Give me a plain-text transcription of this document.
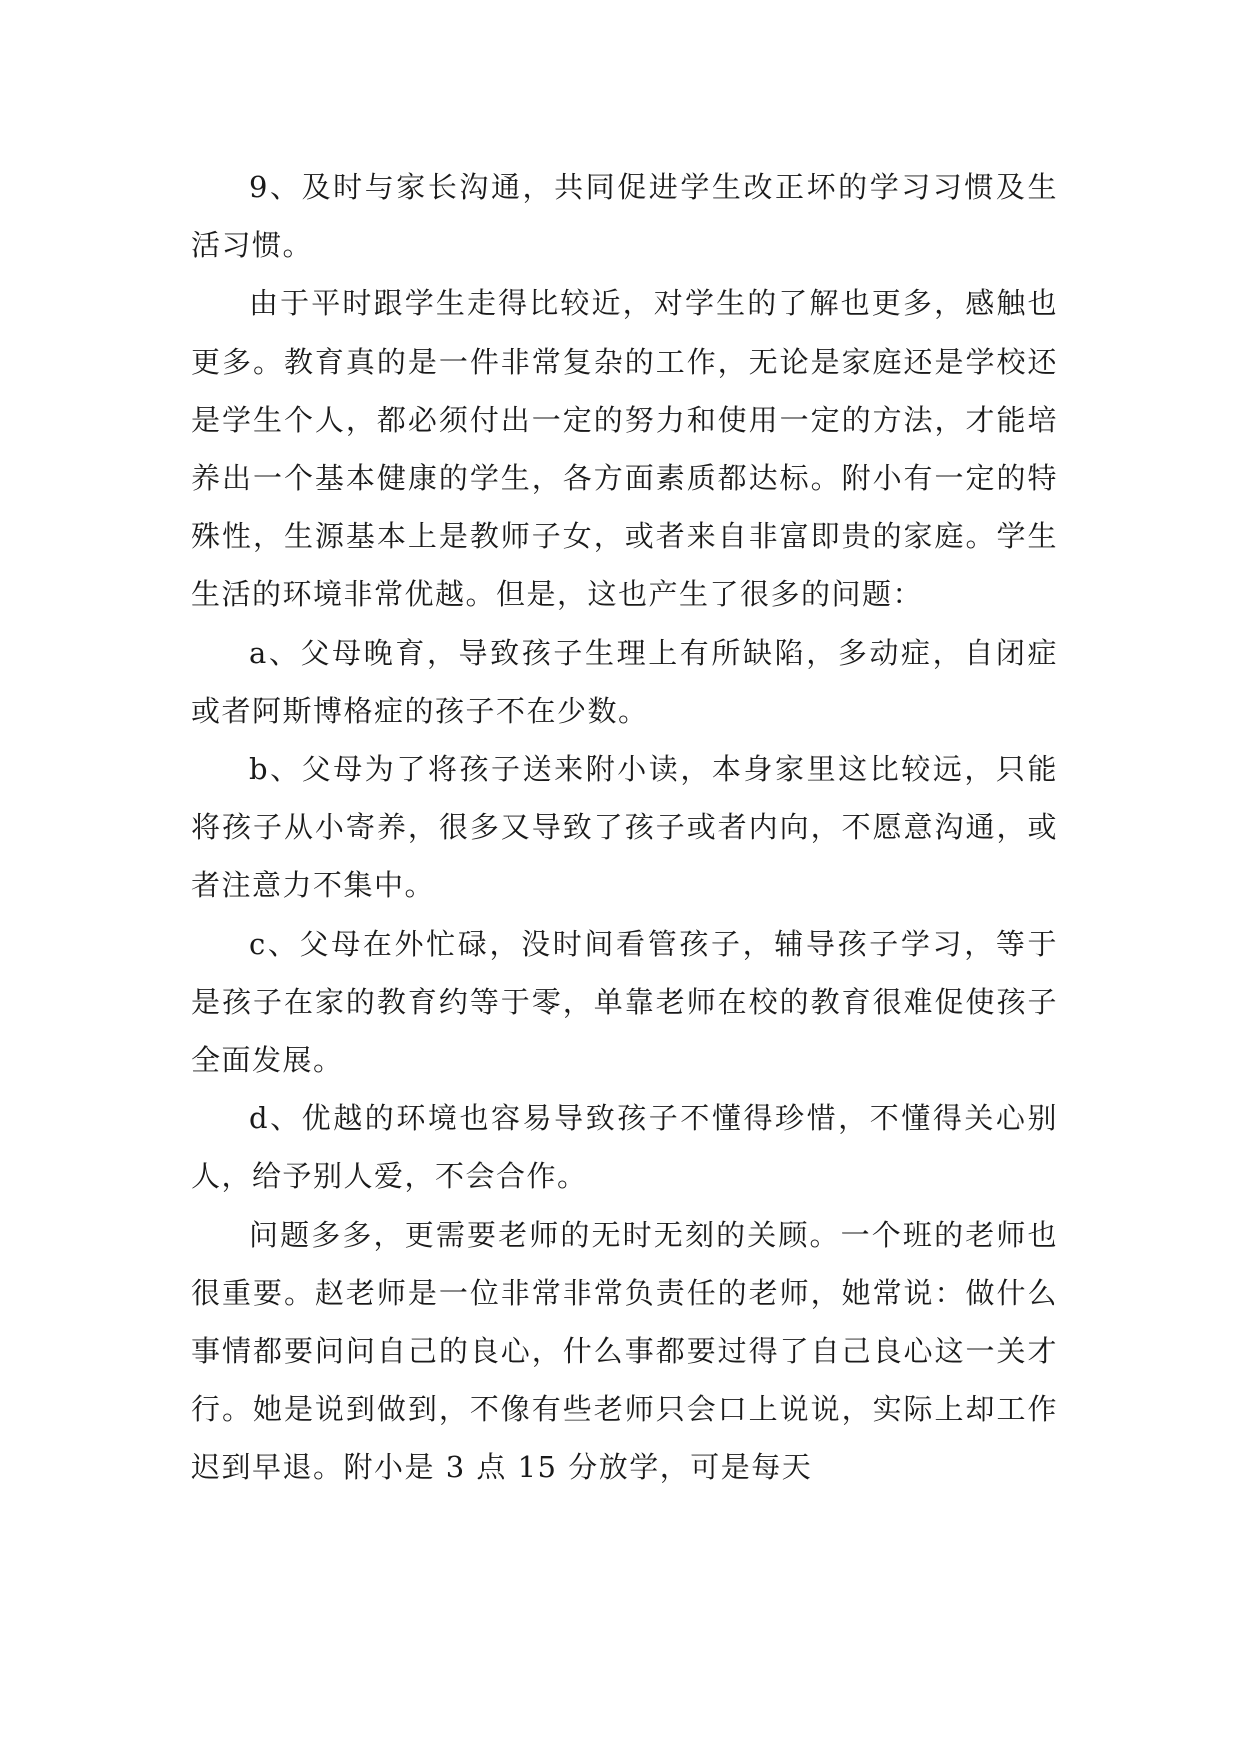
9、及时与家长沟通，共同促进学生改正坏的学习习惯及生活习惯。

由于平时跟学生走得比较近，对学生的了解也更多，感触也更多。教育真的是一件非常复杂的工作，无论是家庭还是学校还是学生个人，都必须付出一定的努力和使用一定的方法，才能培养出一个基本健康的学生，各方面素质都达标。附小有一定的特殊性，生源基本上是教师子女，或者来自非富即贵的家庭。学生生活的环境非常优越。但是，这也产生了很多的问题：

a、父母晚育，导致孩子生理上有所缺陷，多动症，自闭症或者阿斯博格症的孩子不在少数。

b、父母为了将孩子送来附小读，本身家里这比较远，只能将孩子从小寄养，很多又导致了孩子或者内向，不愿意沟通，或者注意力不集中。

c、父母在外忙碌，没时间看管孩子，辅导孩子学习，等于是孩子在家的教育约等于零，单靠老师在校的教育很难促使孩子全面发展。

d、优越的环境也容易导致孩子不懂得珍惜，不懂得关心别人，给予别人爱，不会合作。

问题多多，更需要老师的无时无刻的关顾。一个班的老师也很重要。赵老师是一位非常非常负责任的老师，她常说：做什么事情都要问问自己的良心，什么事都要过得了自己良心这一关才行。她是说到做到，不像有些老师只会口上说说，实际上却工作迟到早退。附小是 3 点 15 分放学，可是每天
